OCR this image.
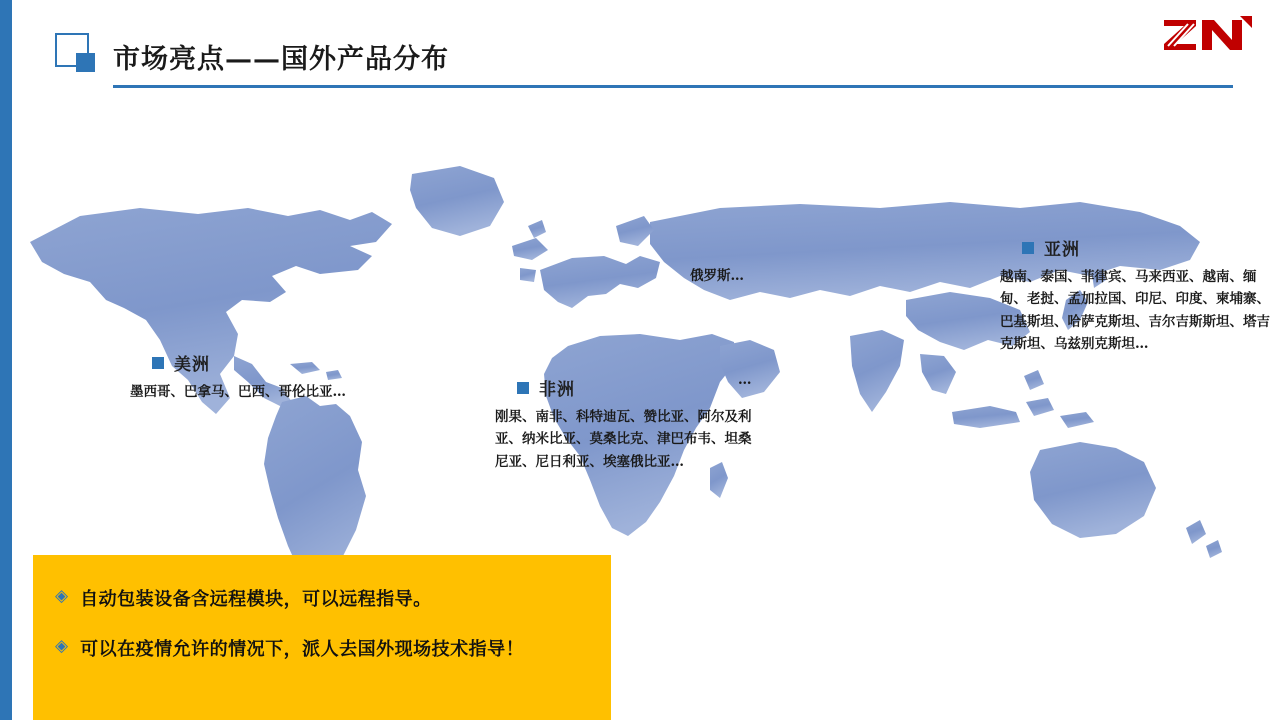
市场亮点——国外产品分布
美洲
墨西哥、巴拿马、巴西、哥伦比亚…	非洲
刚果、南非、科特迪瓦、赞比亚、阿尔及利亚、纳米比亚、莫桑比克、津巴布韦、坦桑尼亚、尼日利亚、埃塞俄比亚…
亚洲
越南、泰国、菲律宾、马来西亚、越南、缅甸、老挝、孟加拉国、印尼、印度、柬埔寨、巴基斯坦、哈萨克斯坦、吉尔吉斯斯坦、塔吉克斯坦、乌兹别克斯坦…
俄罗斯…
…
◈ 自动包装设备含远程模块，可以远程指导。
◈ 可以在疫情允许的情况下，派人去国外现场技术指导！
